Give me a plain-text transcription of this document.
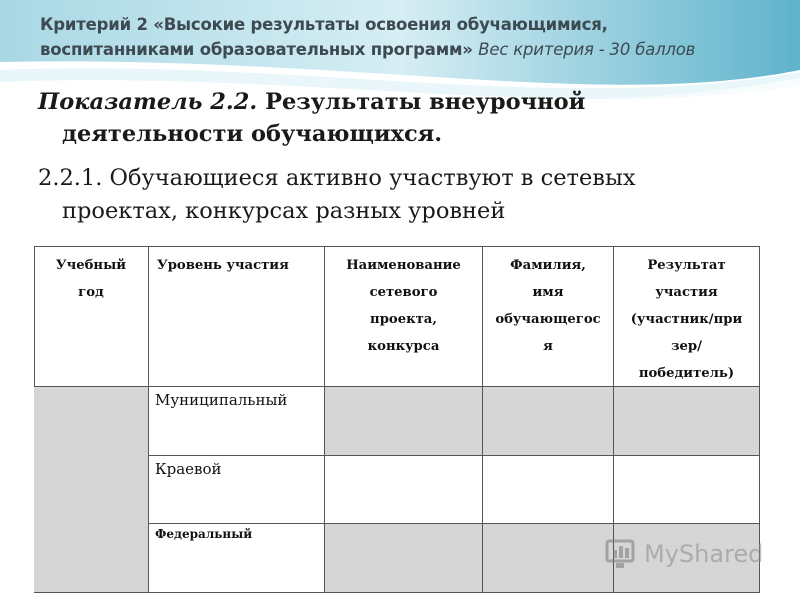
Критерий 2 «Высокие результаты освоения обучающимися,
воспитанниками образовательных программ» Вес критерия - 30 баллов
Показатель 2.2. Результаты внеурочной
деятельности обучающихся.
2.2.1. Обучающиеся активно участвуют в сетевых
проектах, конкурсах разных уровней
Учебный
год
Уровень участия	Наименование
сетевого
проекта,
конкурса
Фамилия,
имя
обучающегос
я
Результат
участия
(участник/при
зер/
победитель)
Муниципальный
Краевой
Федеральный
MyShared
